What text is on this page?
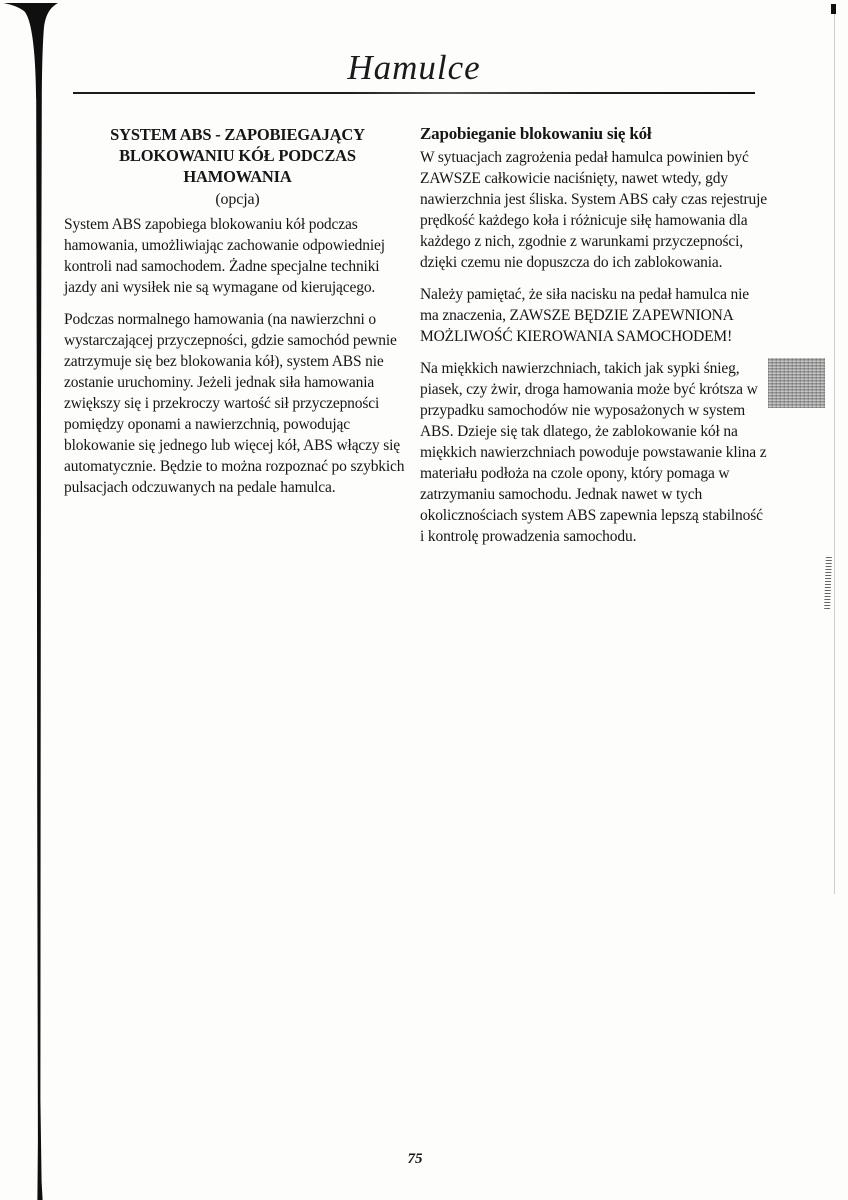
Hamulce
SYSTEM ABS - ZAPOBIEGAJĄCY
BLOKOWANIU KÓŁ PODCZAS HAMOWANIA
(opcja)

System ABS zapobiega blokowaniu kół podczas hamowania, umożliwiając zachowanie odpowiedniej kontroli nad samochodem. Żadne specjalne techniki jazdy ani wysiłek nie są wymagane od kierującego.

Podczas normalnego hamowania (na nawierzchni o wystarczającej przyczepności, gdzie samochód pewnie zatrzymuje się bez blokowania kół), system ABS nie zostanie uruchominy. Jeżeli jednak siła hamowania zwiększy się i przekroczy wartość sił przyczepności pomiędzy oponami a nawierzchnią, powodując blokowanie się jednego lub więcej kół, ABS włączy się automatycznie. Będzie to można rozpoznać po szybkich pulsacjach odczuwanych na pedale hamulca.

Zapobieganie blokowaniu się kół

W sytuacjach zagrożenia pedał hamulca powinien być ZAWSZE całkowicie naciśnięty, nawet wtedy, gdy nawierzchnia jest śliska. System ABS cały czas rejestruje prędkość każdego koła i różnicuje siłę hamowania dla każdego z nich, zgodnie z warunkami przyczepności, dzięki czemu nie dopuszcza do ich zablokowania.

Należy pamiętać, że siła nacisku na pedał hamulca nie ma znaczenia, ZAWSZE BĘDZIE ZAPEWNIONA MOŻLIWOŚĆ KIEROWANIA SAMOCHODEM!

Na miękkich nawierzchniach, takich jak sypki śnieg, piasek, czy żwir, droga hamowania może być krótsza w przypadku samochodów nie wyposażonych w system ABS. Dzieje się tak dlatego, że zablokowanie kół na miękkich nawierzchniach powoduje powstawanie klina z materiału podłoża na czole opony, który pomaga w zatrzymaniu samochodu. Jednak nawet w tych okolicznościach system ABS zapewnia lepszą stabilność i kontrolę prowadzenia samochodu.

75
